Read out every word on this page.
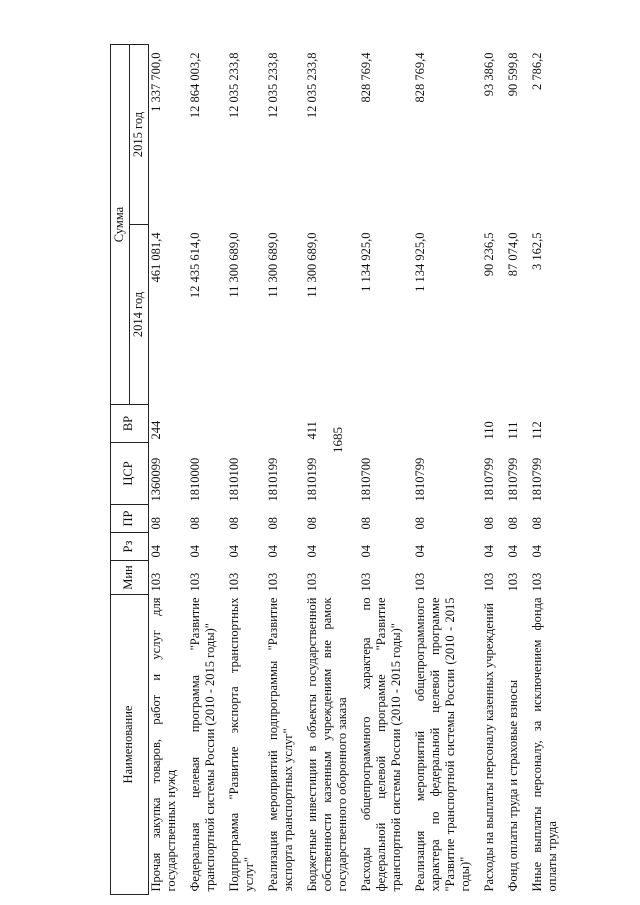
1685
Наименование	Мин	Рз	ПР	ЦСР	ВР	Сумма	
						2014 год	2015 год
Прочая закупка товаров, работ и услуг для государственных нужд	103	04	08	1360099	244	461 081,4	1 337 700,0
Федеральная целевая программа "Развитие транспортной системы России (2010 - 2015 годы)"	103	04	08	1810000		12 435 614,0	12 864 003,2
Подпрограмма "Развитие экспорта транспортных услуг"	103	04	08	1810100		11 300 689,0	12 035 233,8
Реализация мероприятий подпрограммы "Развитие экспорта транспортных услуг"	103	04	08	1810199		11 300 689,0	12 035 233,8
Бюджетные инвестиции в объекты государственной собственности казенным учреждениям вне рамок государственного оборонного заказа	103	04	08	1810199	411	11 300 689,0	12 035 233,8
Расходы общепрограммного характера по федеральной целевой программе "Развитие транспортной системы России (2010 - 2015 годы)"	103	04	08	1810700		1 134 925,0	828 769,4
Реализация мероприятий общепрограммного характера по федеральной целевой программе "Развитие транспортной системы России (2010 - 2015 годы)"	103	04	08	1810799		1 134 925,0	828 769,4
Расходы на выплаты персоналу казенных учреждений	103	04	08	1810799	110	90 236,5	93 386,0
Фонд оплаты труда и страховые взносы	103	04	08	1810799	111	87 074,0	90 599,8
Иные выплаты персоналу, за исключением фонда оплаты труда	103	04	08	1810799	112	3 162,5	2 786,2
